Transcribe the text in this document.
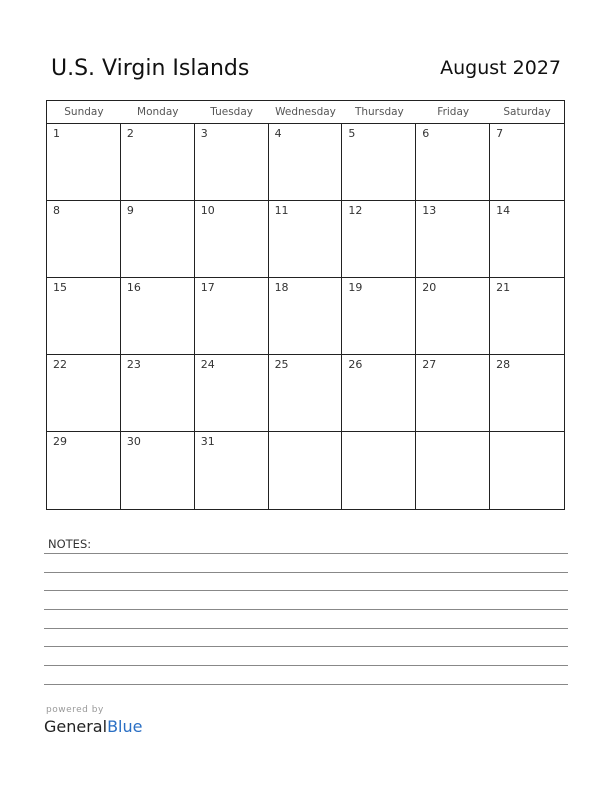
U.S. Virgin Islands	August 2027
Sunday	Monday	Tuesday	Wednesday	Thursday	Friday	Saturday
1	2	3	4	5	6	7
8	9	10	11	12	13	14
15	16	17	18	19	20	21
22	23	24	25	26	27	28
29	30	31
NOTES:
powered by
GeneralBlue
